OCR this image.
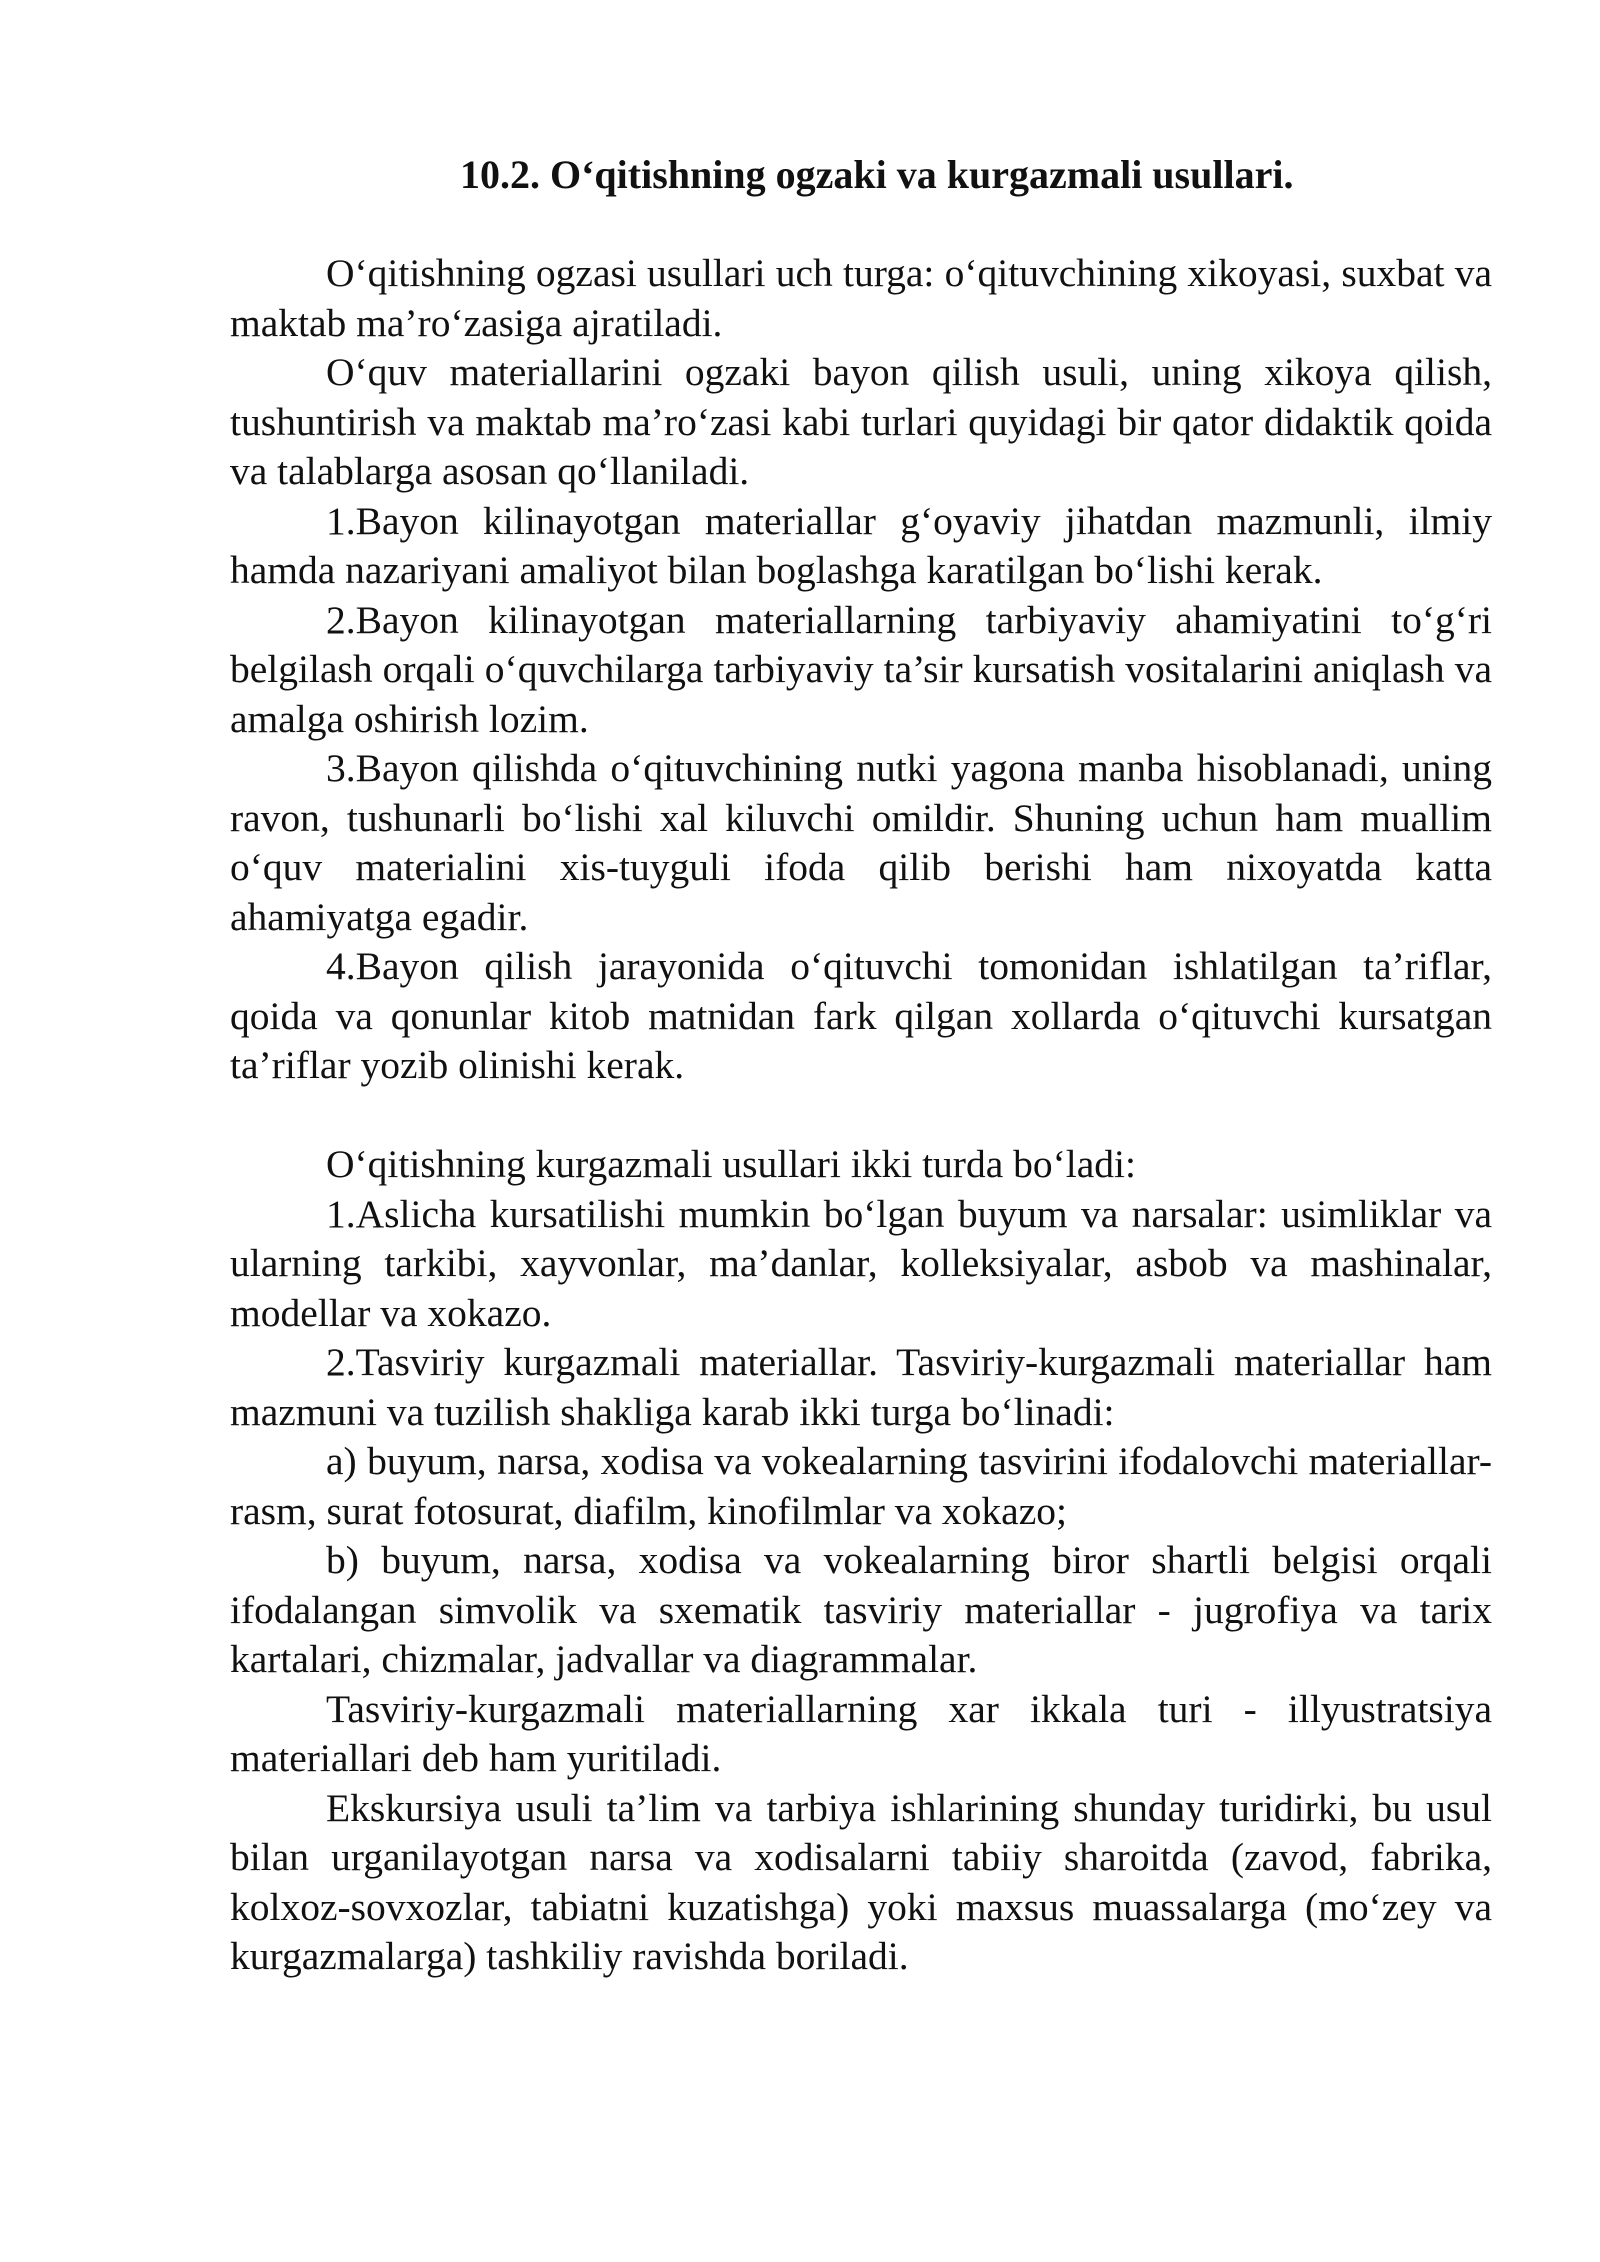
10.2. O‘qitishning ogzaki va kurgazmali usullari.

O‘qitishning ogzasi usullari uch turga: o‘qituvchining xikoyasi, suxbat va maktab ma’ro‘zasiga ajratiladi.

O‘quv materiallarini ogzaki bayon qilish usuli, uning xikoya qilish, tushuntirish va maktab ma’ro‘zasi kabi turlari quyidagi bir qator didaktik qoida va talablarga asosan qo‘llaniladi.

1.Bayon kilinayotgan materiallar g‘oyaviy jihatdan mazmunli, ilmiy hamda nazariyani amaliyot bilan boglashga karatilgan bo‘lishi kerak.

2.Bayon kilinayotgan materiallarning tarbiyaviy ahamiyatini to‘g‘ri belgilash orqali o‘quvchilarga tarbiyaviy ta’sir kursatish vositalarini aniqlash va amalga oshirish lozim.

3.Bayon qilishda o‘qituvchining nutki yagona manba hisoblanadi, uning ravon, tushunarli bo‘lishi xal kiluvchi omildir. Shuning uchun ham muallim o‘quv materialini xis-tuyguli ifoda qilib berishi ham nixoyatda katta ahamiyatga egadir.

4.Bayon qilish jarayonida o‘qituvchi tomonidan ishlatilgan ta’riflar, qoida va qonunlar kitob matnidan fark qilgan xollarda o‘qituvchi kursatgan ta’riflar yozib olinishi kerak.

O‘qitishning kurgazmali usullari ikki turda bo‘ladi:

1.Aslicha kursatilishi mumkin bo‘lgan buyum va narsalar: usimliklar va ularning tarkibi, xayvonlar, ma’danlar, kolleksiyalar, asbob va mashinalar, modellar va xokazo.

2.Tasviriy kurgazmali materiallar. Tasviriy-kurgazmali materiallar ham mazmuni va tuzilish shakliga karab ikki turga bo‘linadi:

a) buyum, narsa, xodisa va vokealarning tasvirini ifodalovchi materiallar-rasm, surat fotosurat, diafilm, kinofilmlar va xokazo;

b) buyum, narsa, xodisa va vokealarning biror shartli belgisi orqali ifodalangan simvolik va sxematik tasviriy materiallar - jugrofiya va tarix kartalari, chizmalar, jadvallar va diagrammalar.

Tasviriy-kurgazmali materiallarning xar ikkala turi - illyustratsiya materiallari deb ham yuritiladi.

Ekskursiya usuli ta’lim va tarbiya ishlarining shunday turidirki, bu usul bilan urganilayotgan narsa va xodisalarni tabiiy sharoitda (zavod, fabrika, kolxoz-sovxozlar, tabiatni kuzatishga) yoki maxsus muassalarga (mo‘zey va kurgazmalarga) tashkiliy ravishda boriladi.
